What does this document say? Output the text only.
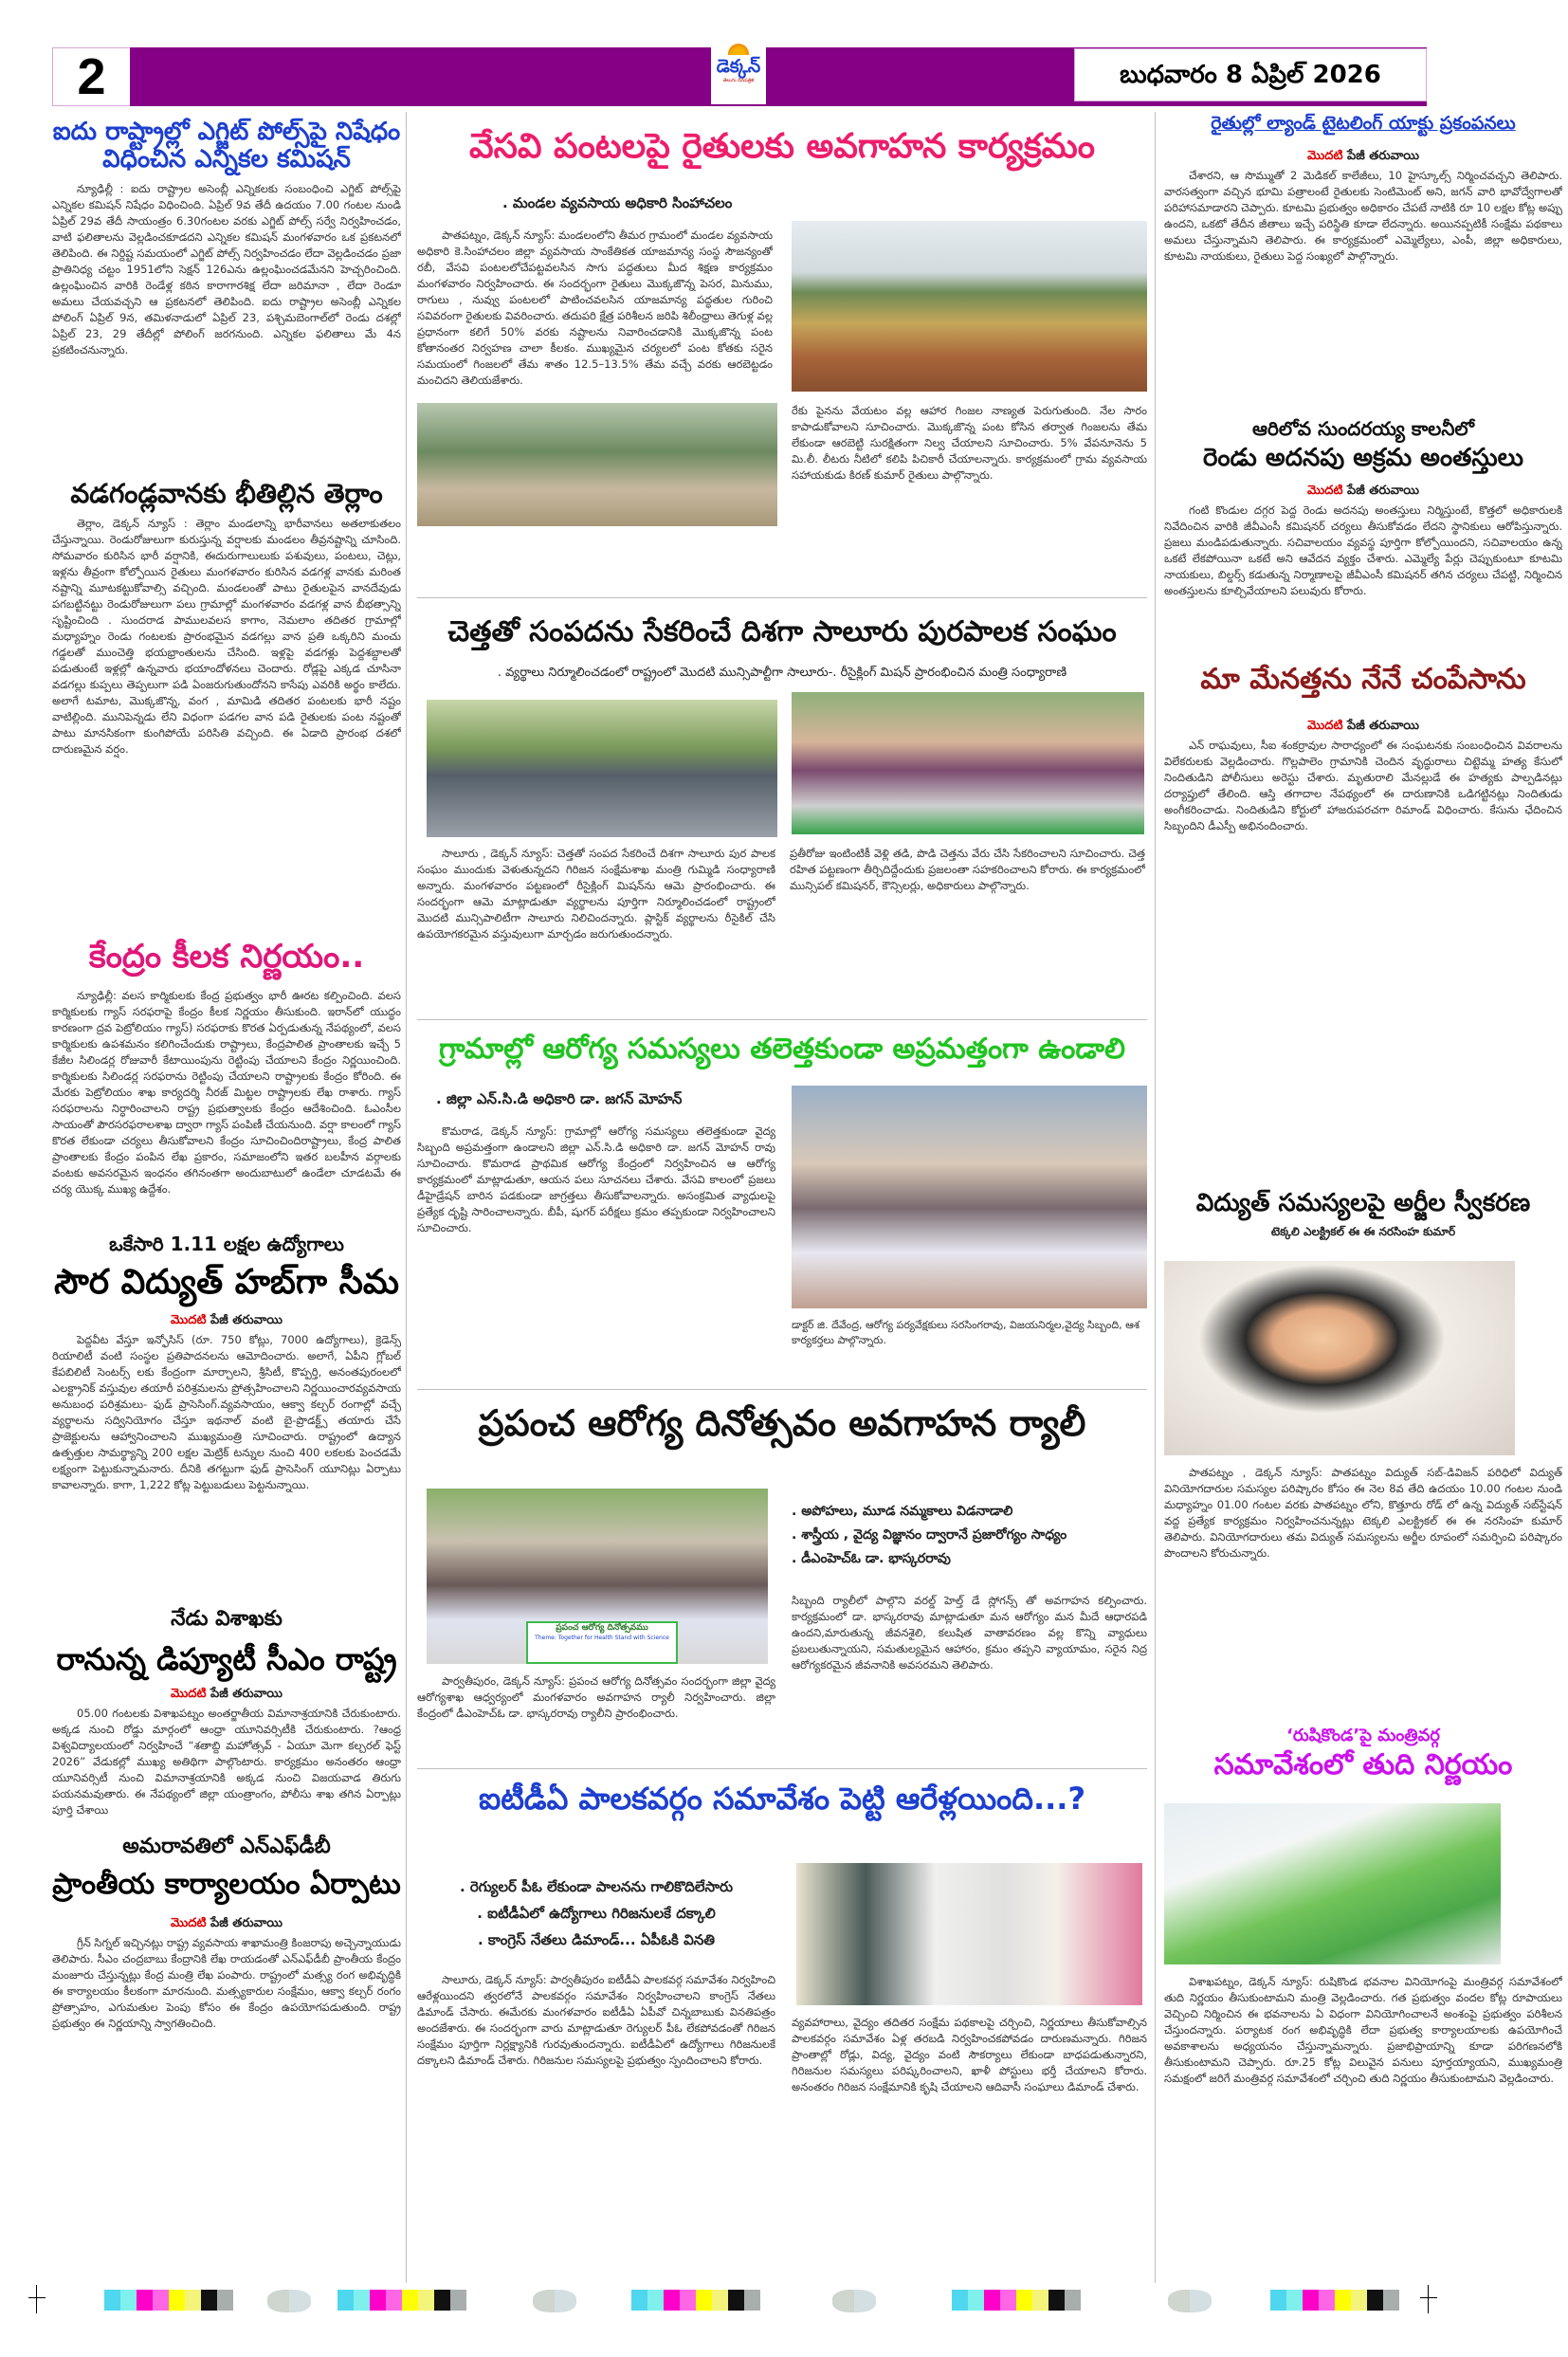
2	డెక్కన్
తెలుగు దినపత్రిక	బుధవారం 8 ఏప్రిల్ 2026
ఐదు రాష్ట్రాల్లో ఎగ్జిట్ పోల్స్‌పై నిషేధం విధించిన ఎన్నికల కమిషన్

న్యూఢిల్లీ : ఐదు రాష్ట్రాల అసెంబ్లీ ఎన్నికలకు సంబంధించి ఎగ్జిట్ పోల్స్‌పై ఎన్నికల కమిషన్ నిషేధం విధించింది. ఏప్రిల్ 9వ తేదీ ఉదయం 7.00 గంటల నుండి ఏప్రిల్ 29వ తేదీ సాయంత్రం 6.30గంటల వరకు ఎగ్జిట్ పోల్స్ సర్వే నిర్వహించడం, వాటి ఫలితాలను వెల్లడించకూడదని ఎన్నికల కమిషన్ మంగళవారం ఒక ప్రకటనలో తెలిపింది. ఈ నిర్దిష్ట సమయంలో ఎగ్జిట్ పోల్స్ నిర్వహించడం లేదా వెల్లడించడం ప్రజా ప్రాతినిధ్య చట్టం 1951లోని సెక్షన్ 126ఎను ఉల్లంఘించడమేనని హెచ్చరించింది. ఉల్లంఘించిన వారికి రెండేళ్ల కఠిన కారాగారశిక్ష లేదా జరిమానా , లేదా రెండూ అమలు చేయవచ్చని ఆ ప్రకటనలో తెలిపింది. ఐదు రాష్ట్రాల అసెంబ్లీ ఎన్నికల పోలింగ్ ఏప్రిల్ 9న, తమిళనాడులో ఏప్రిల్ 23, పశ్చిమబెంగాల్‌లో రెండు దశల్లో ఏప్రిల్ 23, 29 తేదీల్లో పోలింగ్ జరగనుంది. ఎన్నికల ఫలితాలు మే 4న ప్రకటించనున్నారు.

వడగండ్లవానకు భీతిల్లిన తెర్లాం

తెర్లాం, డెక్కన్ న్యూస్ : తెర్లాం మండలాన్ని భారీవానలు అతలాకుతలం చేస్తున్నాయి. రెండురోజులుగా కురుస్తున్న వర్షాలకు మండలం తీవ్రనష్టాన్ని చూసింది. సోమవారం కురిసిన భారీ వర్షానికి, ఈదురుగాలులుకు పశువులు, పంటలు, చెట్లు, ఇళ్లను తీవ్రంగా కోల్పోయిన రైతులు మంగళవారం కురిసిన వడగళ్ల వానకు మరింత నష్టాన్ని మూటకట్టుకోవాల్సి వచ్చింది. మండలంతో పాటు రైతులపైన వానదేవుడు పగబట్టినట్టు రెండురోజులుగా పలు గ్రామాల్లో మంగళవారం వడగళ్ల వాన బీభత్సాన్ని సృష్టించింది . సుందరాడ పాములవలస కాగాం, నెమలాం తదితర గ్రామాల్లో మధ్యాహ్నం రెండు గంటలకు ప్రారంభమైన వడగల్లు వాన ప్రతి ఒక్కరిని మంచు గడ్డలతో ముంచెత్తి భయభ్రాంతులను చేసింది. ఇళ్లపై వడగళ్లు పెద్దశబ్దాలతో పడుతుంటే ఇళ్లల్లో ఉన్నవారు భయాందోళనలు చెందారు. రోడ్లపై ఎక్కడ చూసినా వడగల్లు కుప్పలు తెప్పలుగా పడి ఏంజరుగుతుందోనని కాసేపు ఎవరికి అర్థం కాలేదు. అలాగే టమాట, మొక్కజొన్న, వంగ , మామిడి తదితర పంటలకు భారీ నష్టం వాటిల్లింది. మునిపెన్నడు లేని విధంగా పడగల వాన పడి రైతులకు పంట నష్టంతో పాటు మానసికంగా కుంగిపోయే పరిసితి వచ్చింది. ఈ ఏడాది ప్రారంభ దశలో దారుణమైన వర్షం.

కేంద్రం కీలక నిర్ణయం..

న్యూఢిల్లీ: వలస కార్మికులకు కేంద్ర ప్రభుత్వం భారీ ఊరట కల్పించింది. వలస కార్మికులకు గ్యాస్ సరఫరాపై కేంద్రం కీలక నిర్ణయం తీసుకుంది. ఇరాన్‌లో యుద్ధం కారణంగా ద్రవ పెట్రోలియం గ్యాస్) సరఫరాకు కొరత ఏర్పడుతున్న నేపథ్యంలో, వలస కార్మికులకు ఉపశమనం కలిగించేందుకు రాష్ట్రాలు, కేంద్రపాలిత ప్రాంతాలకు ఇచ్చే 5 కేజీల సిలిండర్ల రోజువారీ కేటాయింపును రెట్టింపు చేయాలని కేంద్రం నిర్ణయించింది. కార్మికులకు సిలిండర్ల సరఫరాను రెట్టింపు చేయాలని రాష్ట్రాలకు కేంద్రం కోరింది. ఈ మేరకు పెట్రోలియం శాఖ కార్యదర్శి నీరజ్ మిట్టల రాష్ట్రాలకు లేఖ రాశారు. గ్యాస్ సరఫరాలను నిర్ధారించాలని రాష్ట్ర ప్రభుత్వాలకు కేంద్రం ఆదేశించింది. ఓఎంసీల సాయంతో పౌరసరఫరాలశాఖ ద్వారా గ్యాస్ పంపిణీ చేయనుంది. వర్షా కాలంలో గ్యాస్ కొరత లేకుండా చర్యలు తీసుకోవాలని కేంద్రం సూచించిందిరాష్ట్రాలు, కేంద్ర పాలిత ప్రాంతాలకు కేంద్రం పంపిన లేఖ ప్రకారం, సమాజంలోని ఇతర బలహీన వర్గాలకు వంటకు అవసరమైన ఇంధనం తగినంతగా అందుబాటులో ఉండేలా చూడటమే ఈ చర్య యొక్క ముఖ్య ఉద్దేశం.

ఒకేసారి 1.11 లక్షల ఉద్యోగాలు
సౌర విద్యుత్ హబ్‌గా సీమ
మొదటి పేజీ తరువాయి

పెద్దవీట వేస్తూ ఇన్ఫోసిస్ (రూ. 750 కోట్లు, 7000 ఉద్యోగాలు), క్రెడెన్స్ రియాలిటీ వంటి సంస్థల ప్రతిపాదనలను ఆమోదించారు. అలాగే, ఏపీని గ్లోబల్ కేపబిలిటీ సెంటర్స్ లకు కేంద్రంగా మార్చాలని, శ్రీసిటీ, కొప్పర్తి, అనంతపురంలలో ఎలక్ట్రానిక్ వస్తువుల తయారీ పరిశ్రమలను ప్రోత్సహించాలని నిర్ణయించారవ్యవసాయ అనుబంధ పరిశ్రమలు- ఫుడ్ ప్రాసెసింగ్.వ్యవసాయం, ఆక్వా కల్చర్ రంగాల్లో వచ్చే వ్యర్థాలను సద్వినియోగం చేస్తూ ఇథనాల్ వంటి బై-ప్రొడక్ట్స్ తయారు చేసే ప్రాజెక్టులను ఆహ్వానించాలని ముఖ్యమంత్రి సూచించారు. రాష్ట్రంలో ఉద్యాన ఉత్పత్తుల సామర్థ్యాన్ని 200 లక్షల మెట్రిక్ టన్నుల నుంచి 400 లకలకు పెంచడమే లక్ష్యంగా పెట్టుకున్నామనారు. దీనికి తగట్టుగా ఫుడ్ ప్రాసెసింగ్ యూనిట్లు ఏర్పాటు కావాలన్నారు. కాగా, 1,222 కోట్ల పెట్టుబడులు పెట్టనున్నాయి.

నేడు విశాఖకు
రానున్న డిప్యూటీ సీఎం రాష్ట్ర
మొదటి పేజీ తరువాయి

05.00 గంటలకు విశాఖపట్నం అంతర్జాతీయ విమానాశ్రయానికి చేరుకుంటారు. అక్కడ నుంచి రోడ్డు మార్గంలో ఆంధ్రా యూనివర్సిటీకి చేరుకుంటారు. ?ఆంధ్ర విశ్వవిద్యాలయంలో నిర్వహించే “శతాబ్ది మహోత్సవ్ - ఏయూ మెగా కల్చరల్ ఫెస్ట్ 2026” వేడుకల్లో ముఖ్య అతిథిగా పాల్గొంటారు. కార్యక్రమం అనంతరం ఆంధ్రా యూనివర్సిటీ నుంచి విమానాశ్రయానికి అక్కడ నుంచి విజయవాడ తిరుగు పయనమవుతారు. ఈ నేపథ్యంలో జిల్లా యంత్రాంగం, పోలీసు శాఖ తగిన ఏర్పాట్లు పూర్తి చేశాయి

అమరావతిలో ఎన్‌ఎఫ్‌డీబీ
ప్రాంతీయ కార్యాలయం ఏర్పాటు
మొదటి పేజీ తరువాయి

గ్రీన్ సిగ్నల్ ఇచ్చినట్లు రాష్ట్ర వ్యవసాయ శాఖామంత్రి కింజరాపు అచ్చెన్నాయుడు తెలిపారు. సీఎం చంద్రబాబు కేంద్రానికి లేఖ రాయడంతో ఎన్‌ఎఫ్‌డీబీ ప్రాంతీయ కేంద్రం మంజూరు చేస్తున్నట్లు కేంద్ర మంత్రి లేఖ పంపారు. రాష్ట్రంలో మత్స్య రంగ అభివృద్ధికి ఈ కార్యాలయం కీలకంగా మారనుంది. మత్స్యకారుల సంక్షేమం, ఆక్వా కల్చర్ రంగం ప్రోత్సాహం, ఎగుమతుల పెంపు కోసం ఈ కేంద్రం ఉపయోగపడుతుంది. రాష్ట్ర ప్రభుత్వం ఈ నిర్ణయాన్ని స్వాగతించింది.

వేసవి పంటలపై రైతులకు అవగాహన కార్యక్రమం
. మండల వ్యవసాయ అధికారి సింహాచలం

పాతపట్నం, డెక్కన్ న్యూస్: మండలంలోని తీమర గ్రామంలో మండల వ్యవసాయ అధికారి కె.సింహాచలం జిల్లా వ్యవసాయ సాంకేతికత యాజమాన్య సంస్థ సౌజన్యంతో రబీ, వేసవి పంటలలోచేపట్టవలసిన సాగు పద్ధతులు మీద శిక్షణ కార్యక్రమం మంగళవారం నిర్వహించారు. ఈ సందర్భంగా రైతులు మొక్కజొన్న పెసర, మినుము, రాగులు , నువ్వు పంటలలో పాటించవలసిన యాజమాన్య పద్ధతుల గురించి సవివరంగా రైతులకు వివరించారు. తదుపరి క్షేత్ర పరిశీలన జరిపి శిలీంధ్రాలు తెగుళ్ల వల్ల ప్రధానంగా కలిగే 50% వరకు నష్టాలను నివారించడానికి మొక్కజొన్న పంట కోతానంతర నిర్వహణ చాలా కీలకం. ముఖ్యమైన చర్యలలో పంట కోతకు సరైన సమయంలో గింజలలో తేమ శాతం 12.5–13.5% తేమ వచ్చే వరకు ఆరబెట్టడం మంచిదని తెలియజేశారు.

రేకు పైనను వేయటం వల్ల ఆహార గింజల నాణ్యత పెరుగుతుంది. నేల సారం కాపాడుకోవాలని సూచించారు. మొక్కజొన్న పంట కోసిన తర్వాత గింజలను తేమ లేకుండా ఆరబెట్టి సురక్షితంగా నిల్వ చేయాలని సూచించారు. 5% వేపనూనెను 5 మి.లీ. లీటరు నీటిలో కలిపి పిచికారీ చేయాలన్నారు. కార్యక్రమంలో గ్రామ వ్యవసాయ సహాయకుడు కిరణ్ కుమార్ రైతులు పాల్గొన్నారు.

చెత్తతో సంపదను సేకరించే దిశగా సాలూరు పురపాలక సంఘం
. వ్యర్థాలు నిర్మూలించడంలో రాష్ట్రంలో మొదటి మున్సిపాల్టీగా సాలూరు-. రీసైక్లింగ్ మిషన్ ప్రారంభించిన మంత్రి సంధ్యారాణి

సాలూరు , డెక్కన్ న్యూస్: చెత్తతో సంపద సేకరించే దిశగా సాలూరు పుర పాలక సంఘం ముందుకు వెళుతున్నదని గిరిజన సంక్షేమశాఖ మంత్రి గుమ్మిడి సంధ్యారాణి అన్నారు. మంగళవారం పట్టణంలో రీసైక్లింగ్ మిషన్‌ను ఆమె ప్రారంభించారు. ఈ సందర్భంగా ఆమె మాట్లాడుతూ వ్యర్థాలను పూర్తిగా నిర్మూలించడంలో రాష్ట్రంలో మొదటి మున్సిపాలిటీగా సాలూరు నిలిచిందన్నారు. ప్లాస్టిక్ వ్యర్థాలను రీసైకిల్ చేసి ఉపయోగకరమైన వస్తువులుగా మార్చడం జరుగుతుందన్నారు.

ప్రతీరోజు ఇంటింటికీ వెళ్లి తడి, పొడి చెత్తను వేరు చేసి సేకరించాలని సూచించారు. చెత్త రహిత పట్టణంగా తీర్చిదిద్దేందుకు ప్రజలంతా సహకరించాలని కోరారు. ఈ కార్యక్రమంలో మున్సిపల్ కమిషనర్, కౌన్సిలర్లు, అధికారులు పాల్గొన్నారు.

గ్రామాల్లో ఆరోగ్య సమస్యలు తలెత్తకుండా అప్రమత్తంగా ఉండాలి
. జిల్లా ఎన్.సి.డి అధికారి డా. జగన్ మోహన్

కొమరాడ, డెక్కన్ న్యూస్: గ్రామాల్లో ఆరోగ్య సమస్యలు తలెత్తకుండా వైద్య సిబ్బంది అప్రమత్తంగా ఉండాలని జిల్లా ఎన్.సి.డి అధికారి డా. జగన్ మోహన్ రావు సూచించారు. కొమరాడ ప్రాథమిక ఆరోగ్య కేంద్రంలో నిర్వహించిన ఆ ఆరోగ్య కార్యక్రమంలో మాట్లాడుతూ, ఆయన పలు సూచనలు చేశారు. వేసవి కాలంలో ప్రజలు డీహైడ్రేషన్ బారిన పడకుండా జాగ్రత్తలు తీసుకోవాలన్నారు. అసంక్రమిత వ్యాధులపై ప్రత్యేక దృష్టి సారించాలన్నారు. బీపీ, షుగర్ పరీక్షలు క్రమం తప్పకుండా నిర్వహించాలని సూచించారు.

డాక్టర్ జి. దేవేంద్ర, ఆరోగ్య పర్యవేక్షకులు సరసింగరావు, విజయనిర్మల,వైద్య సిబ్బంది, ఆశ కార్యకర్తలు పాల్గొన్నారు.

ప్రపంచ ఆరోగ్య దినోత్సవం అవగాహన ర్యాలీ
ప్రపంచ ఆరోగ్య దినోత్సవము
Theme: Together for Health Stand with Science
. అపోహలు, మూడ నమ్మకాలు విడనాడాలి
. శాస్త్రీయ , వైద్య విజ్ఞానం ద్వారానే ప్రజారోగ్యం సాధ్యం
. డీఎంహెచ్ఓ డా. భాస్కరరావు

సిబ్బంది ర్యాలీలో పాల్గొని వరల్డ్ హెల్త్ డే స్లోగన్స్ తో అవగాహన కల్పించారు. కార్యక్రమంలో డా. భాస్కరరావు మాట్లాడుతూ మన ఆరోగ్యం మన మీదే ఆధారపడి ఉందని,మారుతున్న జీవనశైలి, కలుషిత వాతావరణం వల్ల కొన్ని వ్యాధులు ప్రబలుతున్నాయని, సమతుల్యమైన ఆహారం, క్రమం తప్పని వ్యాయామం, సరైన నిద్ర ఆరోగ్యకరమైన జీవనానికి అవసరమని తెలిపారు.

పార్వతీపురం, డెక్కన్ న్యూస్: ప్రపంచ ఆరోగ్య దినోత్సవం సందర్భంగా జిల్లా వైద్య ఆరోగ్యశాఖ ఆధ్వర్యంలో మంగళవారం అవగాహన ర్యాలీ నిర్వహించారు. జిల్లా కేంద్రంలో డీఎంహెచ్ఓ డా. భాస్కరరావు ర్యాలీని ప్రారంభించారు.

ఐటీడీఏ పాలకవర్గం సమావేశం పెట్టి ఆరేళ్లయింది...?
. రెగ్యులర్ పీఓ లేకుండా పాలనను గాలికొదిలేసారు
. ఐటీడీఏలో ఉద్యోగాలు గిరిజనులకే దక్కాలి
. కాంగ్రెస్ నేతలు డిమాండ్... ఏపీఓకి వినతి

సాలూరు, డెక్కన్ న్యూస్: పార్వతీపురం ఐటీడీఏ పాలకవర్గ సమావేశం నిర్వహించి ఆరేళ్లయిందని త్వరలోనే పాలకవర్గం సమావేశం నిర్వహించాలని కాంగ్రెస్ నేతలు డిమాండ్ చేసారు. ఈమేరకు మంగళవారం ఐటీడీఏ ఏపీవో చిన్నబాబుకు వినతిపత్రం అందజేశారు. ఈ సందర్భంగా వారు మాట్లాడుతూ రెగ్యులర్ పీఓ లేకపోవడంతో గిరిజన సంక్షేమం పూర్తిగా నిర్లక్ష్యానికి గురవుతుందన్నారు. ఐటీడీఏలో ఉద్యోగాలు గిరిజనులకే దక్కాలని డిమాండ్ చేశారు. గిరిజనుల సమస్యలపై ప్రభుత్వం స్పందించాలని కోరారు.

వ్యవహారాలు, వైద్యం తదితర సంక్షేమ పథకాలపై చర్చించి, నిర్ణయాలు తీసుకోవాల్సిన పాలకవర్గం సమావేశం ఏళ్ల తరబడి నిర్వహించకపోవడం దారుణమన్నారు. గిరిజన ప్రాంతాల్లో రోడ్లు, విద్య, వైద్యం వంటి సౌకర్యాలు లేకుండా బాధపడుతున్నారని, గిరిజనుల సమస్యలు పరిష్కరించాలని, ఖాళీ పోస్టులు భర్తీ చేయాలని కోరారు. అనంతరం గిరిజన సంక్షేమానికి కృషి చేయాలని ఆదివాసీ సంఘాలు డిమాండ్ చేశారు.

రైతుల్లో ల్యాండ్ టైటలింగ్ యాక్టు ప్రకంపనలు
మొదటి పేజీ తరువాయి

చేశారని, ఆ సొమ్ముతో 2 మెడికల్ కాలేజీలు, 10 హైస్కూల్స్ నిర్మించవచ్చని తెలిపారు. వారసత్వంగా వచ్చిన భూమి పత్రాలంటే రైతులకు సెంటిమెంట్ అని, జగన్ వారి భావోద్వేగాలతో పరిహాసమాడారని చెప్పారు. కూటమి ప్రభుత్వం అధికారం చేపటే నాటికి రూ 10 లక్షల కోట్ల అప్పు ఉందని, ఒకటో తేదీన జీతాలు ఇచ్చే పరిస్థితి కూడా లేదన్నారు. అయినప్పటికీ సంక్షేమ పథకాలు అమలు చేస్తున్నామని తెలిపారు. ఈ కార్యక్రమంలో ఎమ్మెల్యేలు, ఎంపీ, జిల్లా అధికారులు, కూటమి నాయకులు, రైతులు పెద్ద సంఖ్యలో పాల్గొన్నారు.

ఆరిలోవ సుందరయ్య కాలనీలో
రెండు అదనపు అక్రమ అంతస్తులు
మొదటి పేజీ తరువాయి

గంటి కొండుల దగ్గర పెద్ద రెండు అదనపు అంతస్తులు నిర్మిస్తుంటే, కొత్తలో అధికారులకి నివేదించిన వారికి జీవీఎంసీ కమిషనర్ చర్యలు తీసుకోవడం లేదని స్థానికులు ఆరోపిస్తున్నారు. ప్రజలు మండిపడుతున్నారు. సచివాలయం వ్యవస్థ పూర్తిగా కోల్పోయిందని, సచివాలయం ఉన్న ఒకటే లేకపోయినా ఒకటే అని ఆవేదన వ్యక్తం చేశారు. ఎమ్మెల్యే పేర్లు చెప్పుకుంటూ కూటమి నాయకులు, బిల్డర్స్ కడుతున్న నిర్మాణాలపై జీవీఎంసీ కమిషనర్ తగిన చర్యలు చేపట్టి, నిర్మించిన అంతస్తులను కూల్చివేయాలని పలువురు కోరారు.

మా మేనత్తను నేనే చంపేసాను
మొదటి పేజీ తరువాయి

ఎన్ రాఘవులు, సీఐ శంకర్రావుల సారాధ్యంలో ఈ సంఘటనకు సంబంధించిన వివరాలను విలేకరులకు వెల్లడించారు. గొల్లపాలెం గ్రామానికి చెందిన వృద్ధురాలు చిట్టెమ్మ హత్య కేసులో నిందితుడిని పోలీసులు అరెస్టు చేశారు. మృతురాలి మేనల్లుడే ఈ హత్యకు పాల్పడినట్లు దర్యాప్తులో తేలింది. ఆస్తి తగాదాల నేపథ్యంలో ఈ దారుణానికి ఒడిగట్టినట్లు నిందితుడు అంగీకరించాడు. నిందితుడిని కోర్టులో హాజరుపరచగా రిమాండ్ విధించారు. కేసును ఛేదించిన సిబ్బందిని డీఎస్పీ అభినందించారు.

విద్యుత్ సమస్యలపై అర్జీల స్వీకరణ
టెక్కలి ఎలక్ట్రికల్ ఈ ఈ నరసింహ కుమార్

పాతపట్నం , డెక్కన్ న్యూస్: పాతపట్నం విద్యుత్ సబ్-డివిజన్ పరిధిలో విద్యుత్ వినియోగదారుల సమస్యల పరిష్కారం కోసం ఈ నెల 8వ తేది ఉదయం 10.00 గంటల నుండి మధ్యాహ్నం 01.00 గంటల వరకు పాతపట్నం లోని, కొత్తూరు రోడ్ లో ఉన్న విద్యుత్ సబ్‌స్టేషన్ వద్ద ప్రత్యేక కార్యక్రమం నిర్వహించనున్నట్లు టెక్కలి ఎలక్ట్రికల్ ఈ ఈ నరసింహ కుమార్ తెలిపారు. వినియోగదారులు తమ విద్యుత్ సమస్యలను అర్జీల రూపంలో సమర్పించి పరిష్కారం పొందాలని కోరుచున్నారు.

‘రుషికొండ’పై మంత్రివర్గ
సమావేశంలో తుది నిర్ణయం

విశాఖపట్నం, డెక్కన్ న్యూస్: రుషికొండ భవనాల వినియోగంపై మంత్రివర్గ సమావేశంలో తుది నిర్ణయం తీసుకుంటామని మంత్రి వెల్లడించారు. గత ప్రభుత్వం వందల కోట్ల రూపాయలు వెచ్చించి నిర్మించిన ఈ భవనాలను ఏ విధంగా వినియోగించాలనే అంశంపై ప్రభుత్వం పరిశీలన చేస్తుందన్నారు. పర్యాటక రంగ అభివృద్ధికి లేదా ప్రభుత్వ కార్యాలయాలకు ఉపయోగించే అవకాశాలను అధ్యయనం చేస్తున్నామన్నారు. ప్రజాభిప్రాయాన్ని కూడా పరిగణనలోకి తీసుకుంటామని చెప్పారు. రూ.25 కోట్ల విలువైన పనులు పూర్తయ్యాయని, ముఖ్యమంత్రి సమక్షంలో జరిగే మంత్రివర్గ సమావేశంలో చర్చించి తుది నిర్ణయం తీసుకుంటామని వెల్లడించారు.
